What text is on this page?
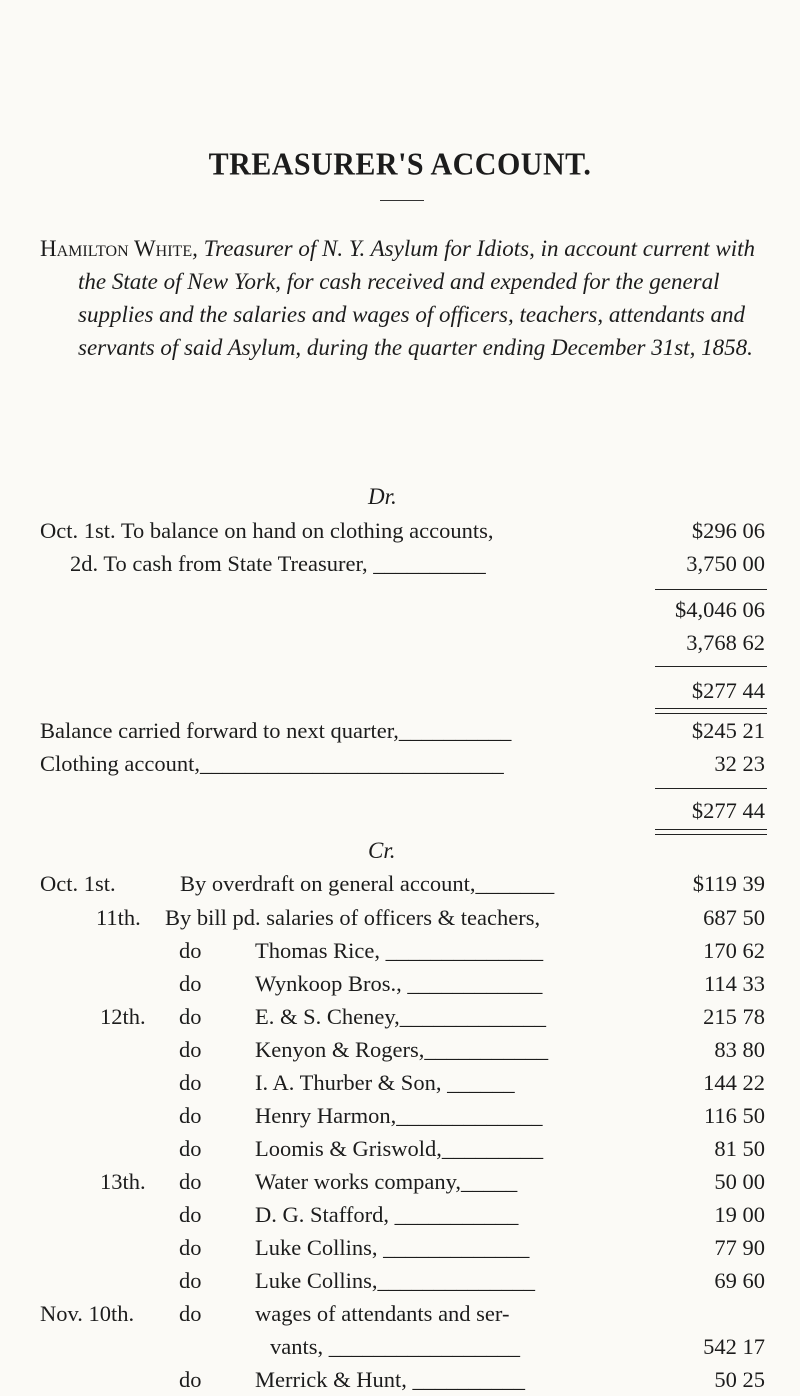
TREASURER'S ACCOUNT.
Hamilton White, Treasurer of N. Y. Asylum for Idiots, in account current with the State of New York, for cash received and expended for the general supplies and the salaries and wages of officers, teachers, attendants and servants of said Asylum, during the quarter ending December 31st, 1858.
Dr.
Oct. 1st. To balance on hand on clothing accounts,	$296 06
2d. To cash from State Treasurer, __________	3,750 00
$4,046 06
3,768 62
$277 44
Balance carried forward to next quarter,__________	$245 21
Clothing account,___________________________	32 23
$277 44
Cr.
Oct. 1st.	By overdraft on general account,_______	$119 39
11th. By bill pd. salaries of officers & teachers,	687 50
do Thomas Rice, ______________	170 62
do Wynkoop Bros., ____________	114 33
12th. do E. & S. Cheney,_____________	215 78
do Kenyon & Rogers,___________	83 80
do I. A. Thurber & Son, ______	144 22
do Henry Harmon,_____________	116 50
do Loomis & Griswold,_________	81 50
13th. do Water works company,_____	50 00
do D. G. Stafford, ___________	19 00
do Luke Collins, _____________	77 90
do Luke Collins,______________	69 60
Nov. 10th. do wages of attendants and ser-
vants, _________________	542 17
do Merrick & Hunt, __________	50 25
